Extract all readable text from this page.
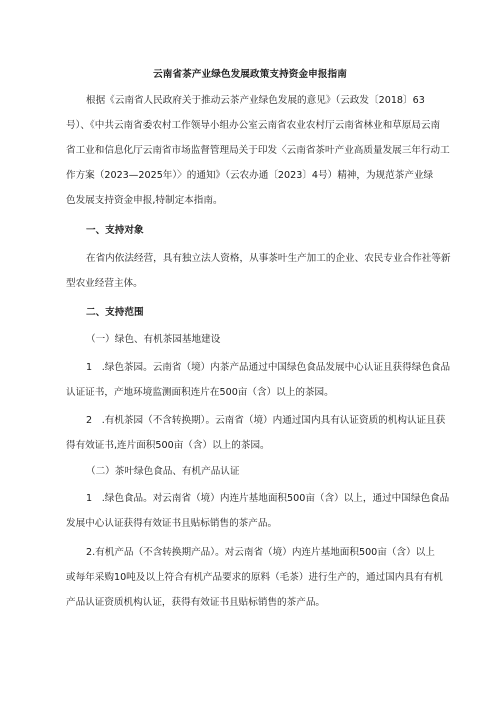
云南省茶产业绿色发展政策支持资金申报指南
根据《云南省人民政府关于推动云茶产业绿色发展的意见》（云政发〔2018〕63
号）、《中共云南省委农村工作领导小组办公室云南省农业农村厅云南省林业和草原局云南
省工业和信息化厅云南省市场监督管理局关于印发〈云南省茶叶产业高质量发展三年行动工
作方案（2023—2025年）〉的通知》（云农办通〔2023〕4号）精神，为规范茶产业绿
色发展支持资金申报,特制定本指南。
一、支持对象
在省内依法经营，具有独立法人资格，从事茶叶生产加工的企业、农民专业合作社等新
型农业经营主体。
二、支持范围
（一）绿色、有机茶园基地建设
1　.绿色茶园。云南省（境）内茶产品通过中国绿色食品发展中心认证且获得绿色食品
认证证书，产地环境监测面积连片在500亩（含）以上的茶园。
2　.有机茶园（不含转换期）。云南省（境）内通过国内具有认证资质的机构认证且获
得有效证书,连片面积500亩（含）以上的茶园。
（二）茶叶绿色食品、有机产品认证
1　.绿色食品。对云南省（境）内连片基地面积500亩（含）以上，通过中国绿色食品
发展中心认证获得有效证书且贴标销售的茶产品。
2.有机产品（不含转换期产品）。对云南省（境）内连片基地面积500亩（含）以上
或每年采购10吨及以上符合有机产品要求的原料（毛茶）进行生产的，通过国内具有有机
产品认证资质机构认证，获得有效证书且贴标销售的茶产品。
